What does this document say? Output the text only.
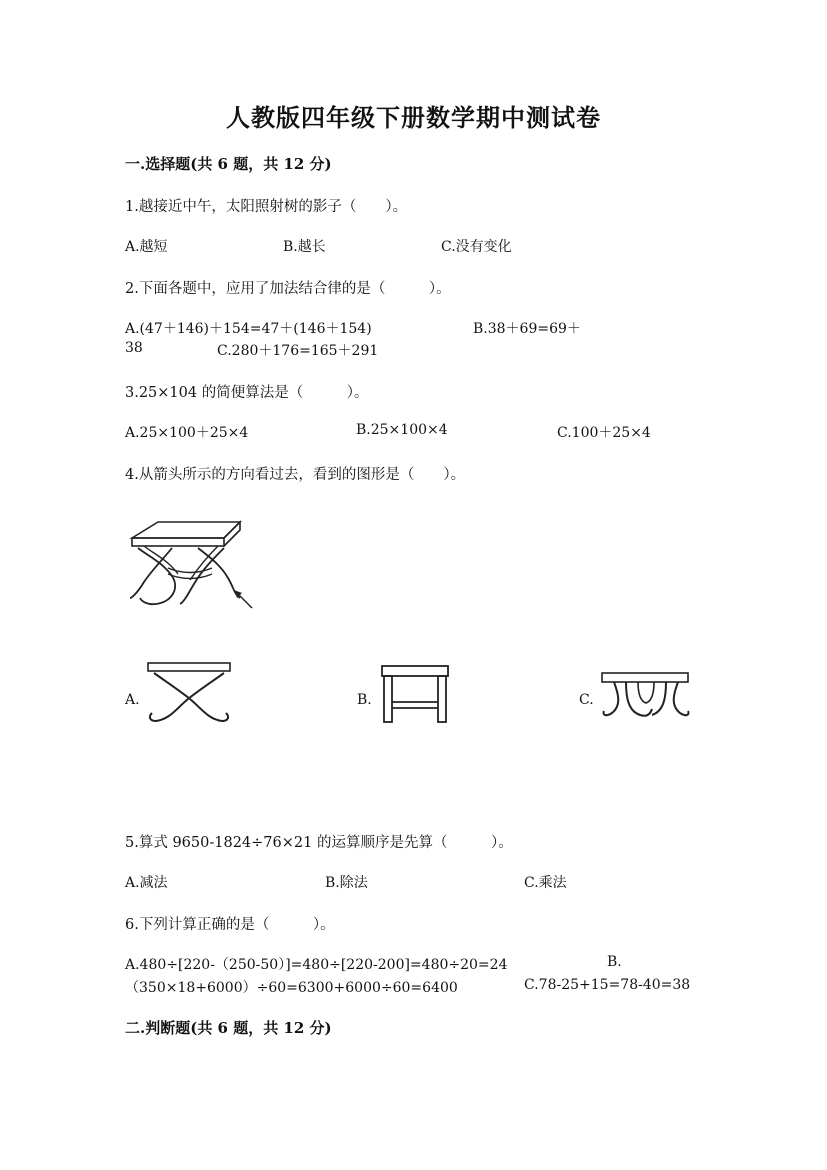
人教版四年级下册数学期中测试卷
一.选择题(共 6 题，共 12 分)
1.越接近中午，太阳照射树的影子（　　）。
A.越短	B.越长	C.没有变化
2.下面各题中，应用了加法结合律的是（　　　）。
A.(47＋146)＋154=47＋(146＋154)	B.38＋69=69＋
38	C.280＋176=165＋291
3.25×104 的简便算法是（　　　）。
A.25×100＋25×4	B.25×100×4	C.100＋25×4
4.从箭头所示的方向看过去，看到的图形是（　　）。
A.	B.	C.
5.算式 9650-1824÷76×21 的运算顺序是先算（　　　）。
A.减法	B.除法	C.乘法
6.下列计算正确的是（　　　）。
A.480÷[220-（250-50）]=480÷[220-200]=480÷20=24	B.
（350×18+6000）÷60=6300+6000÷60=6400	C.78-25+15=78-40=38
二.判断题(共 6 题，共 12 分)
